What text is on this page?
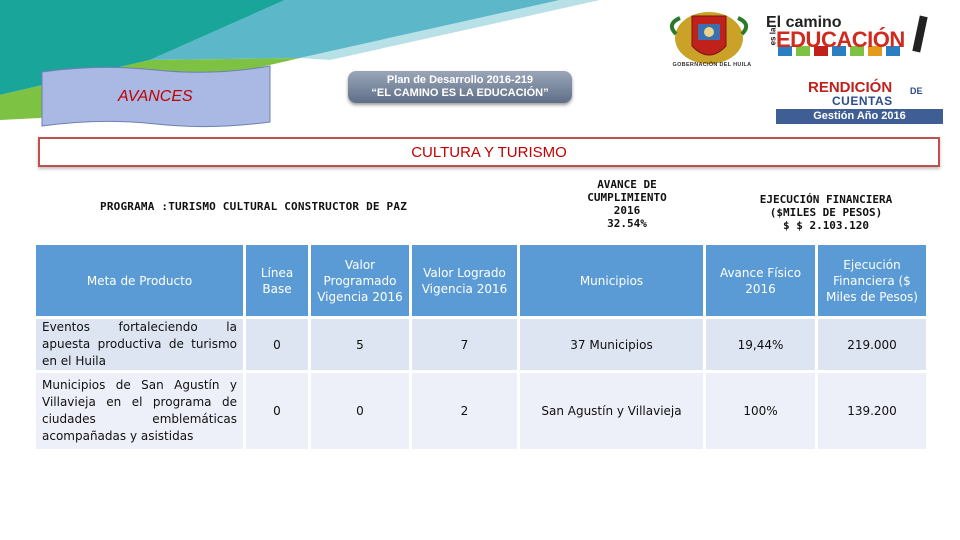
AVANCES
Plan de Desarrollo 2016-219
“EL CAMINO ES LA EDUCACIÓN”
GOBERNACIÓN DEL HUILA
El camino
es la
EDUCACIÓN
RENDICIÓN DE
CUENTAS
Gestión Año 2016
CULTURA Y TURISMO
PROGRAMA :TURISMO CULTURAL CONSTRUCTOR DE PAZ
AVANCE DE
CUMPLIMIENTO
2016
32.54%
EJECUCIÓN FINANCIERA
($MILES DE PESOS)
$ $ 2.103.120
Meta de Producto	Línea Base	Valor Programado Vigencia 2016	Valor Logrado Vigencia 2016	Municipios	Avance Físico 2016	Ejecución Financiera ($ Miles de Pesos)
Eventos fortaleciendo la apuesta productiva de turismo en el Huila	0	5	7	37 Municipios	19,44%	219.000
Municipios de San Agustín y Villavieja en el programa de ciudades emblemáticas acompañadas y asistidas	0	0	2	San Agustín y Villavieja	100%	139.200
